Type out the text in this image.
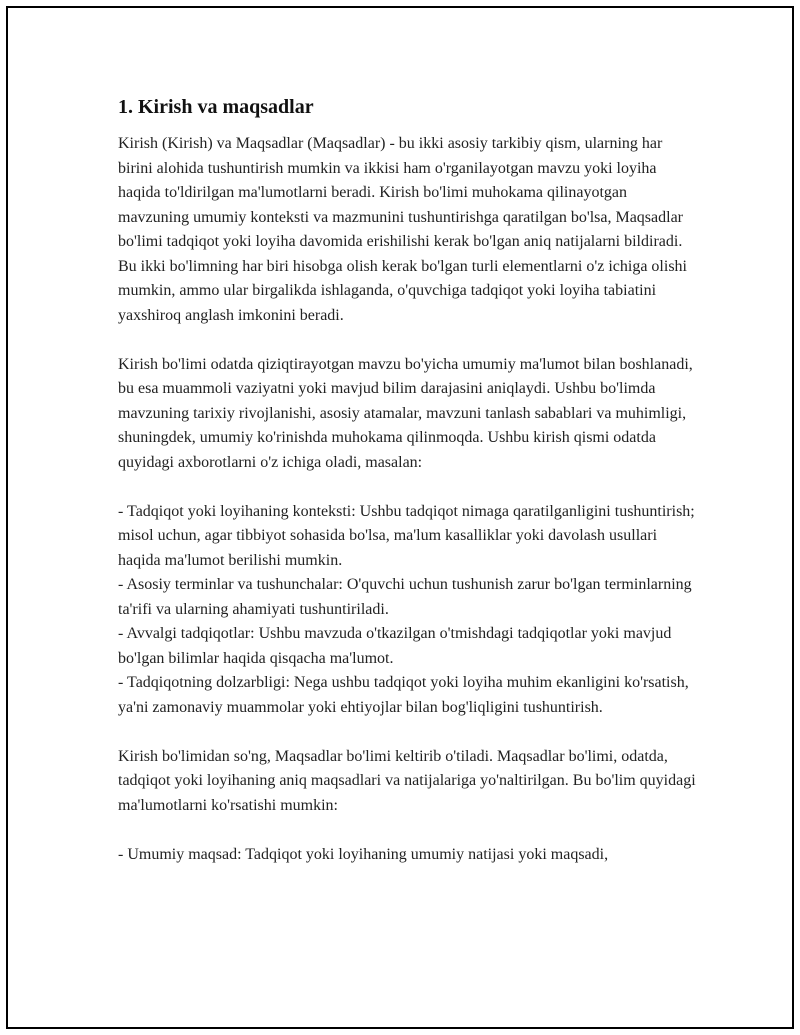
1. Kirish va maqsadlar

Kirish (Kirish) va Maqsadlar (Maqsadlar) - bu ikki asosiy tarkibiy qism, ularning har birini alohida tushuntirish mumkin va ikkisi ham o'rganilayotgan mavzu yoki loyiha haqida to'ldirilgan ma'lumotlarni beradi. Kirish bo'limi muhokama qilinayotgan mavzuning umumiy konteksti va mazmunini tushuntirishga qaratilgan bo'lsa, Maqsadlar bo'limi tadqiqot yoki loyiha davomida erishilishi kerak bo'lgan aniq natijalarni bildiradi. Bu ikki bo'limning har biri hisobga olish kerak bo'lgan turli elementlarni o'z ichiga olishi mumkin, ammo ular birgalikda ishlaganda, o'quvchiga tadqiqot yoki loyiha tabiatini yaxshiroq anglash imkonini beradi.

Kirish bo'limi odatda qiziqtirayotgan mavzu bo'yicha umumiy ma'lumot bilan boshlanadi, bu esa muammoli vaziyatni yoki mavjud bilim darajasini aniqlaydi. Ushbu bo'limda mavzuning tarixiy rivojlanishi, asosiy atamalar, mavzuni tanlash sabablari va muhimligi, shuningdek, umumiy ko'rinishda muhokama qilinmoqda. Ushbu kirish qismi odatda quyidagi axborotlarni o'z ichiga oladi, masalan:

- Tadqiqot yoki loyihaning konteksti: Ushbu tadqiqot nimaga qaratilganligini tushuntirish; misol uchun, agar tibbiyot sohasida bo'lsa, ma'lum kasalliklar yoki davolash usullari haqida ma'lumot berilishi mumkin.

- Asosiy terminlar va tushunchalar: O'quvchi uchun tushunish zarur bo'lgan terminlarning ta'rifi va ularning ahamiyati tushuntiriladi.

- Avvalgi tadqiqotlar: Ushbu mavzuda o'tkazilgan o'tmishdagi tadqiqotlar yoki mavjud bo'lgan bilimlar haqida qisqacha ma'lumot.

- Tadqiqotning dolzarbligi: Nega ushbu tadqiqot yoki loyiha muhim ekanligini ko'rsatish, ya'ni zamonaviy muammolar yoki ehtiyojlar bilan bog'liqligini tushuntirish.

Kirish bo'limidan so'ng, Maqsadlar bo'limi keltirib o'tiladi. Maqsadlar bo'limi, odatda, tadqiqot yoki loyihaning aniq maqsadlari va natijalariga yo'naltirilgan. Bu bo'lim quyidagi ma'lumotlarni ko'rsatishi mumkin:

- Umumiy maqsad: Tadqiqot yoki loyihaning umumiy natijasi yoki maqsadi,
